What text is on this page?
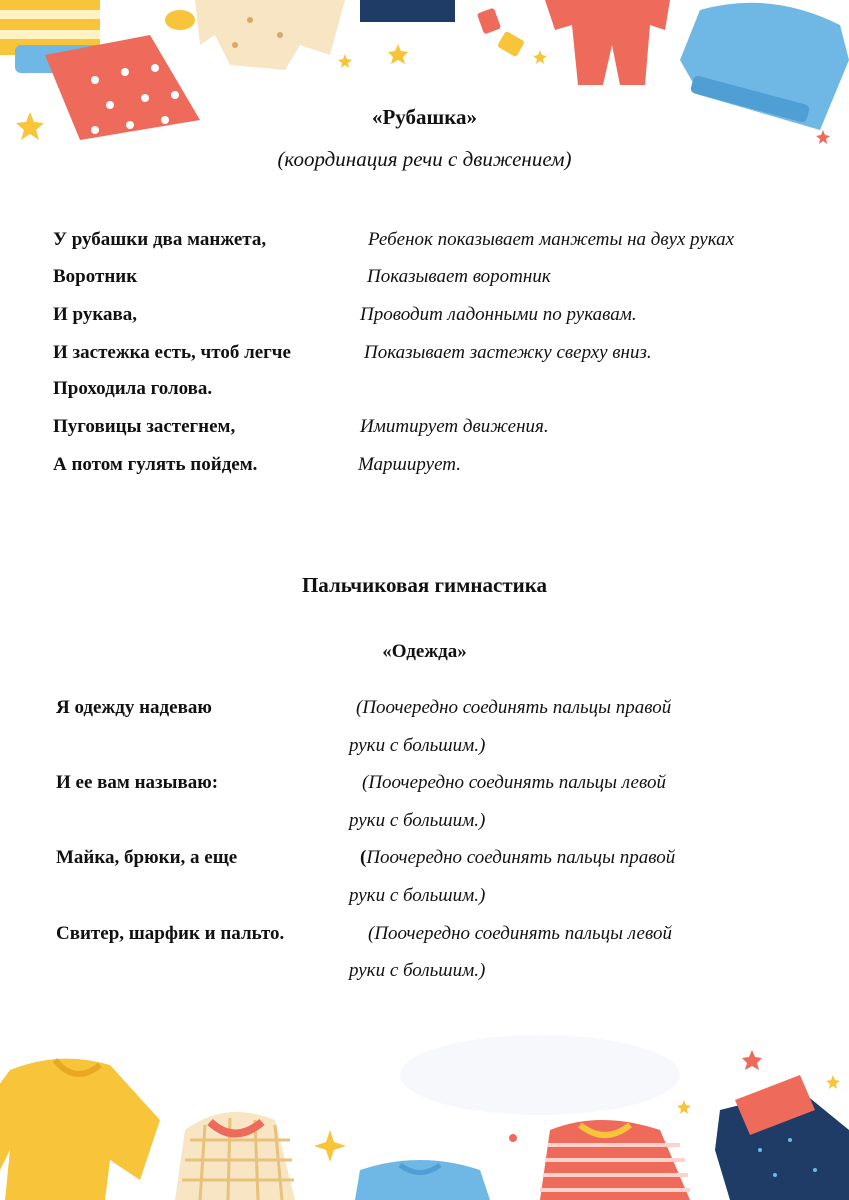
«Рубашка»
(координация речи с движением)
У рубашки два манжета,	Ребенок показывает манжеты на двух руках
Воротник	Показывает воротник
И рукава,	Проводит ладонными по рукавам.
И застежка есть, чтоб легче	Показывает застежку сверху вниз.
Проходила голова.
Пуговицы застегнем,	Имитирует движения.
А потом гулять пойдем.	Марширует.
Пальчиковая гимнастика
«Одежда»
Я одежду надеваю	(Поочередно соединять пальцы правой
руки с большим.)
И ее вам называю:	(Поочередно соединять пальцы левой
руки с большим.)
Майка, брюки, а еще	(Поочередно соединять пальцы правой
руки с большим.)
Свитер, шарфик и пальто.	(Поочередно соединять пальцы левой
руки с большим.)
